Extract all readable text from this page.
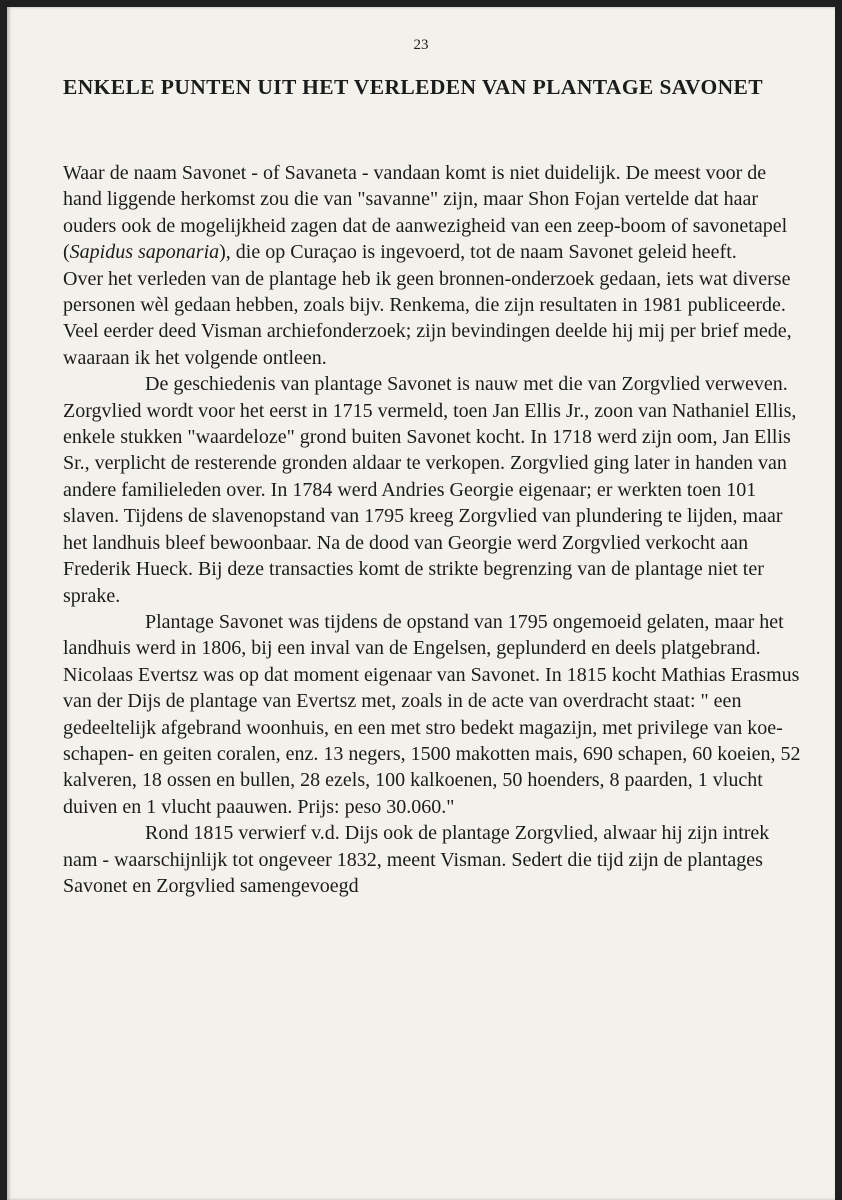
23
ENKELE PUNTEN UIT HET VERLEDEN VAN PLANTAGE SAVONET

Waar de naam Savonet - of Savaneta - vandaan komt is niet duidelijk. De meest voor de hand liggende herkomst zou die van "savanne" zijn, maar Shon Fojan vertelde dat haar ouders ook de mogelijkheid zagen dat de aanwezigheid van een zeep-boom of savonetapel (Sapidus saponaria), die op Curaçao is ingevoerd, tot de naam Savonet geleid heeft.

Over het verleden van de plantage heb ik geen bronnen-onderzoek gedaan, iets wat diverse personen wèl gedaan hebben, zoals bijv. Renkema, die zijn resultaten in 1981 publiceerde. Veel eerder deed Visman archiefonderzoek; zijn bevindingen deelde hij mij per brief mede, waaraan ik het volgende ontleen.

De geschiedenis van plantage Savonet is nauw met die van Zorgvlied verweven. Zorgvlied wordt voor het eerst in 1715 vermeld, toen Jan Ellis Jr., zoon van Nathaniel Ellis, enkele stukken "waardeloze" grond buiten Savonet kocht. In 1718 werd zijn oom, Jan Ellis Sr., verplicht de resterende gronden aldaar te verkopen. Zorgvlied ging later in handen van andere familieleden over. In 1784 werd Andries Georgie eigenaar; er werkten toen 101 slaven. Tijdens de slavenopstand van 1795 kreeg Zorgvlied van plundering te lijden, maar het landhuis bleef bewoonbaar. Na de dood van Georgie werd Zorgvlied verkocht aan Frederik Hueck. Bij deze transacties komt de strikte begrenzing van de plantage niet ter sprake.

Plantage Savonet was tijdens de opstand van 1795 ongemoeid gelaten, maar het landhuis werd in 1806, bij een inval van de Engelsen, geplunderd en deels platgebrand. Nicolaas Evertsz was op dat moment eigenaar van Savonet. In 1815 kocht Mathias Erasmus van der Dijs de plantage van Evertsz met, zoals in de acte van overdracht staat: " een gedeeltelijk afgebrand woonhuis, en een met stro bedekt magazijn, met privilege van koe- schapen- en geiten coralen, enz. 13 negers, 1500 makotten mais, 690 schapen, 60 koeien, 52 kalveren, 18 ossen en bullen, 28 ezels, 100 kalkoenen, 50 hoenders, 8 paarden, 1 vlucht duiven en 1 vlucht paauwen. Prijs: peso 30.060."

Rond 1815 verwierf v.d. Dijs ook de plantage Zorgvlied, alwaar hij zijn intrek nam - waarschijnlijk tot ongeveer 1832, meent Visman. Sedert die tijd zijn de plantages Savonet en Zorgvlied samengevoegd
